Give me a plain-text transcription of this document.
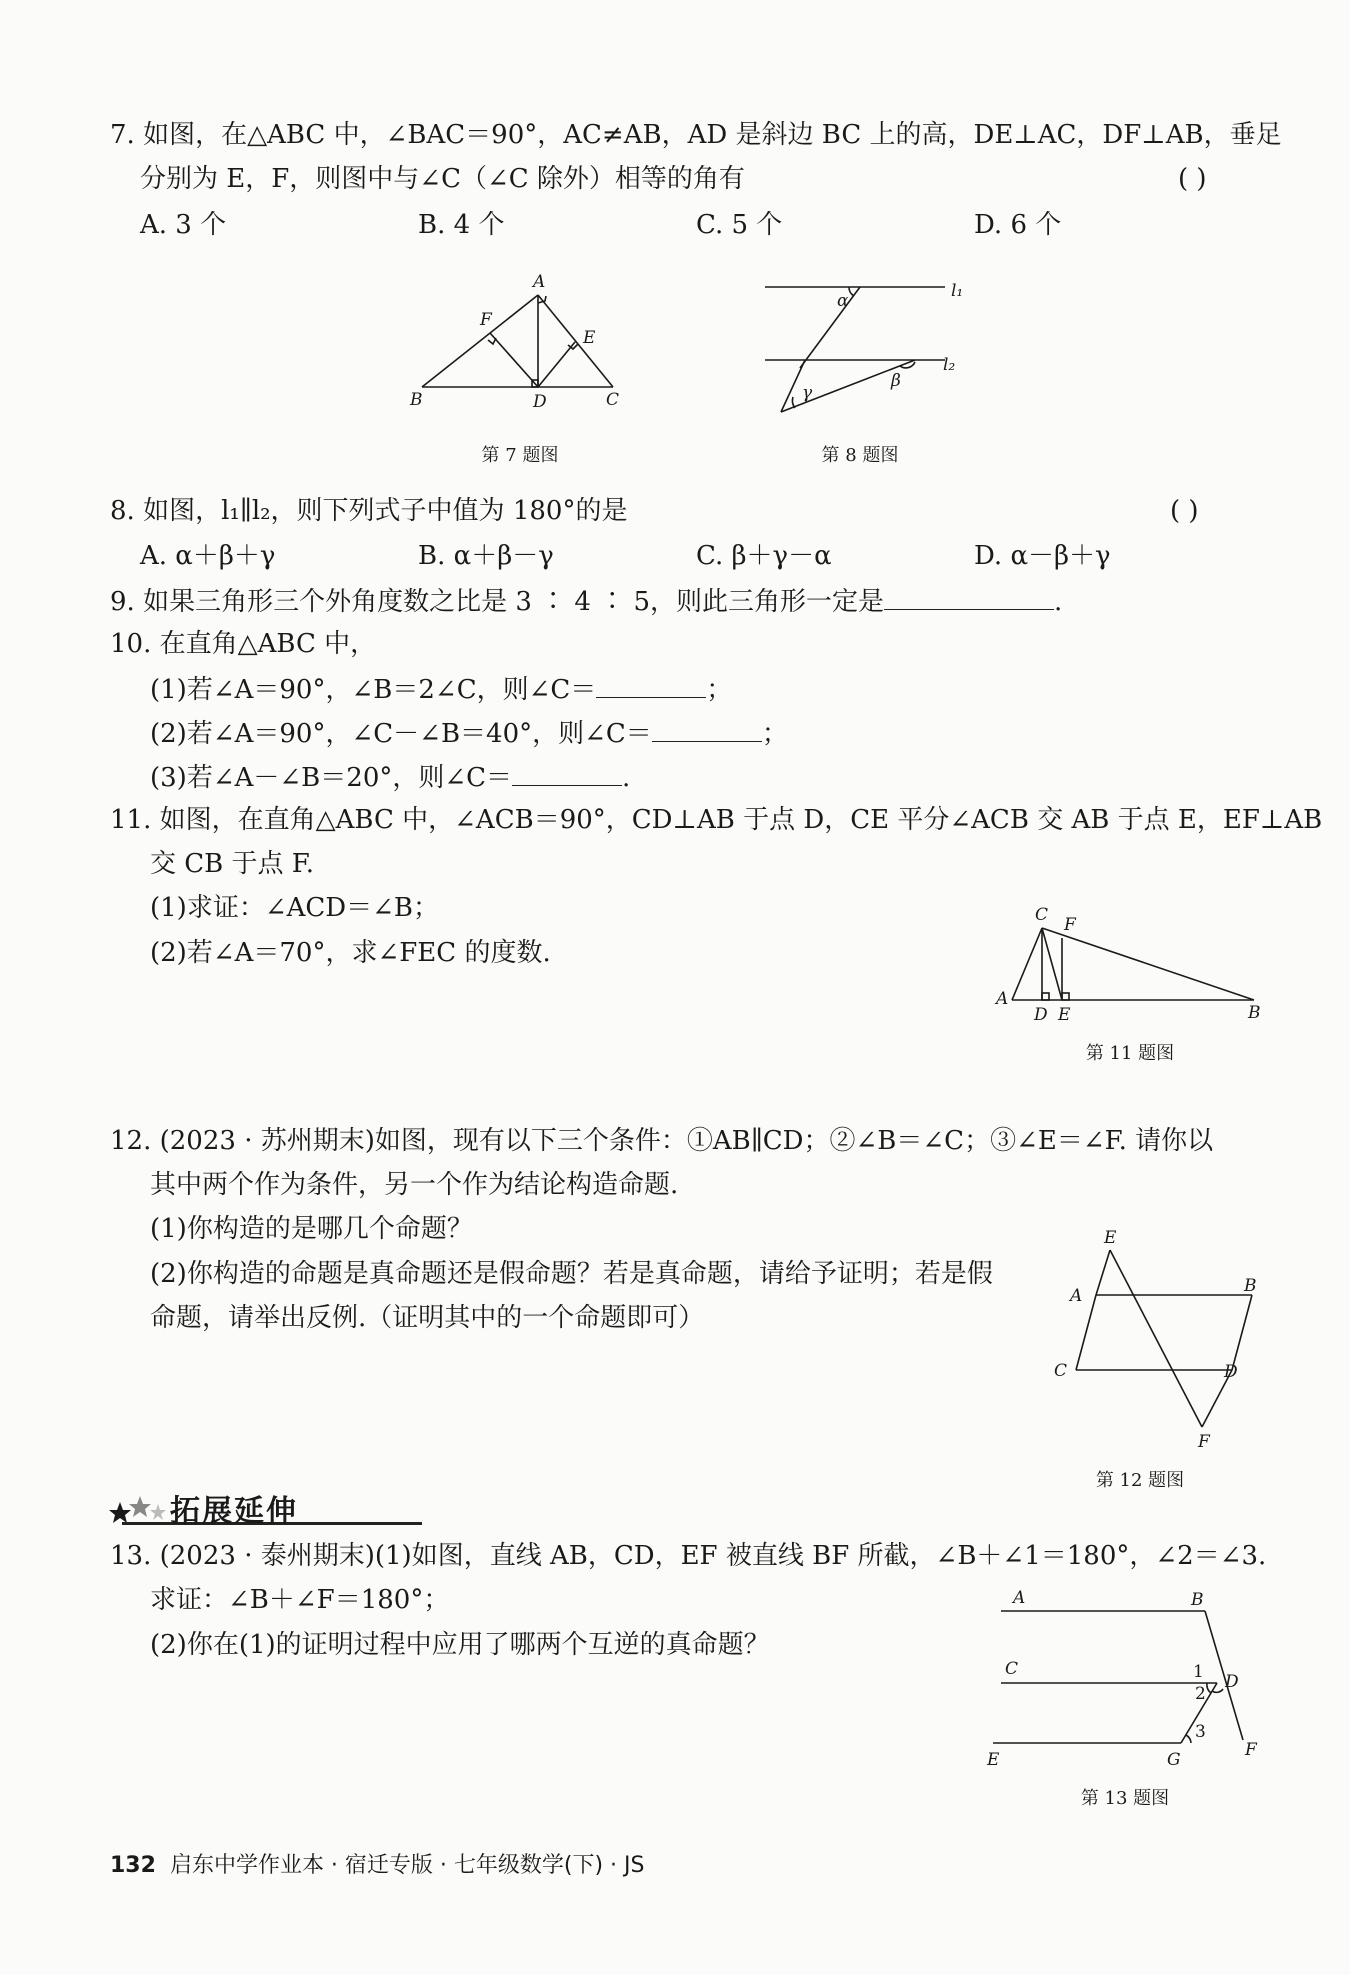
7. 如图，在△ABC 中，∠BAC＝90°，AC≠AB，AD 是斜边 BC 上的高，DE⊥AC，DF⊥AB，垂足
分别为 E，F，则图中与∠C（∠C 除外）相等的角有	( )
A. 3 个	B. 4 个	C. 5 个	D. 6 个
A
B	C
D
E
F
第 7 题图
α
β
γ
l₁
l₂
第 8 题图
8. 如图，l₁∥l₂，则下列式子中值为 180°的是	( )
A. α＋β＋γ	B. α＋β－γ	C. β＋γ－α	D. α－β＋γ
9. 如果三角形三个外角度数之比是 3 ∶ 4 ∶ 5，则此三角形一定是	.
10. 在直角△ABC 中，
(1)若∠A＝90°，∠B＝2∠C，则∠C＝	；
(2)若∠A＝90°，∠C－∠B＝40°，则∠C＝	；
(3)若∠A－∠B＝20°，则∠C＝	.
11. 如图，在直角△ABC 中，∠ACB＝90°，CD⊥AB 于点 D，CE 平分∠ACB 交 AB 于点 E，EF⊥AB
交 CB 于点 F.
(1)求证：∠ACD＝∠B；
(2)若∠A＝70°，求∠FEC 的度数.
C F
A
D E	B
第 11 题图
12. (2023 · 苏州期末)如图，现有以下三个条件：①AB∥CD；②∠B＝∠C；③∠E＝∠F. 请你以
其中两个作为条件，另一个作为结论构造命题.
(1)你构造的是哪几个命题？
(2)你构造的命题是真命题还是假命题？若是真命题，请给予证明；若是假
命题，请举出反例.（证明其中的一个命题即可）
E
A	B
C	D
F
第 12 题图
拓展延伸
13. (2023 · 泰州期末)(1)如图，直线 AB，CD，EF 被直线 BF 所截，∠B＋∠1＝180°，∠2＝∠3.
求证：∠B＋∠F＝180°；
(2)你在(1)的证明过程中应用了哪两个互逆的真命题？
A	B
C
D
E	G	F
1
2
3
第 13 题图
132 启东中学作业本 · 宿迁专版 · 七年级数学(下) · JS
